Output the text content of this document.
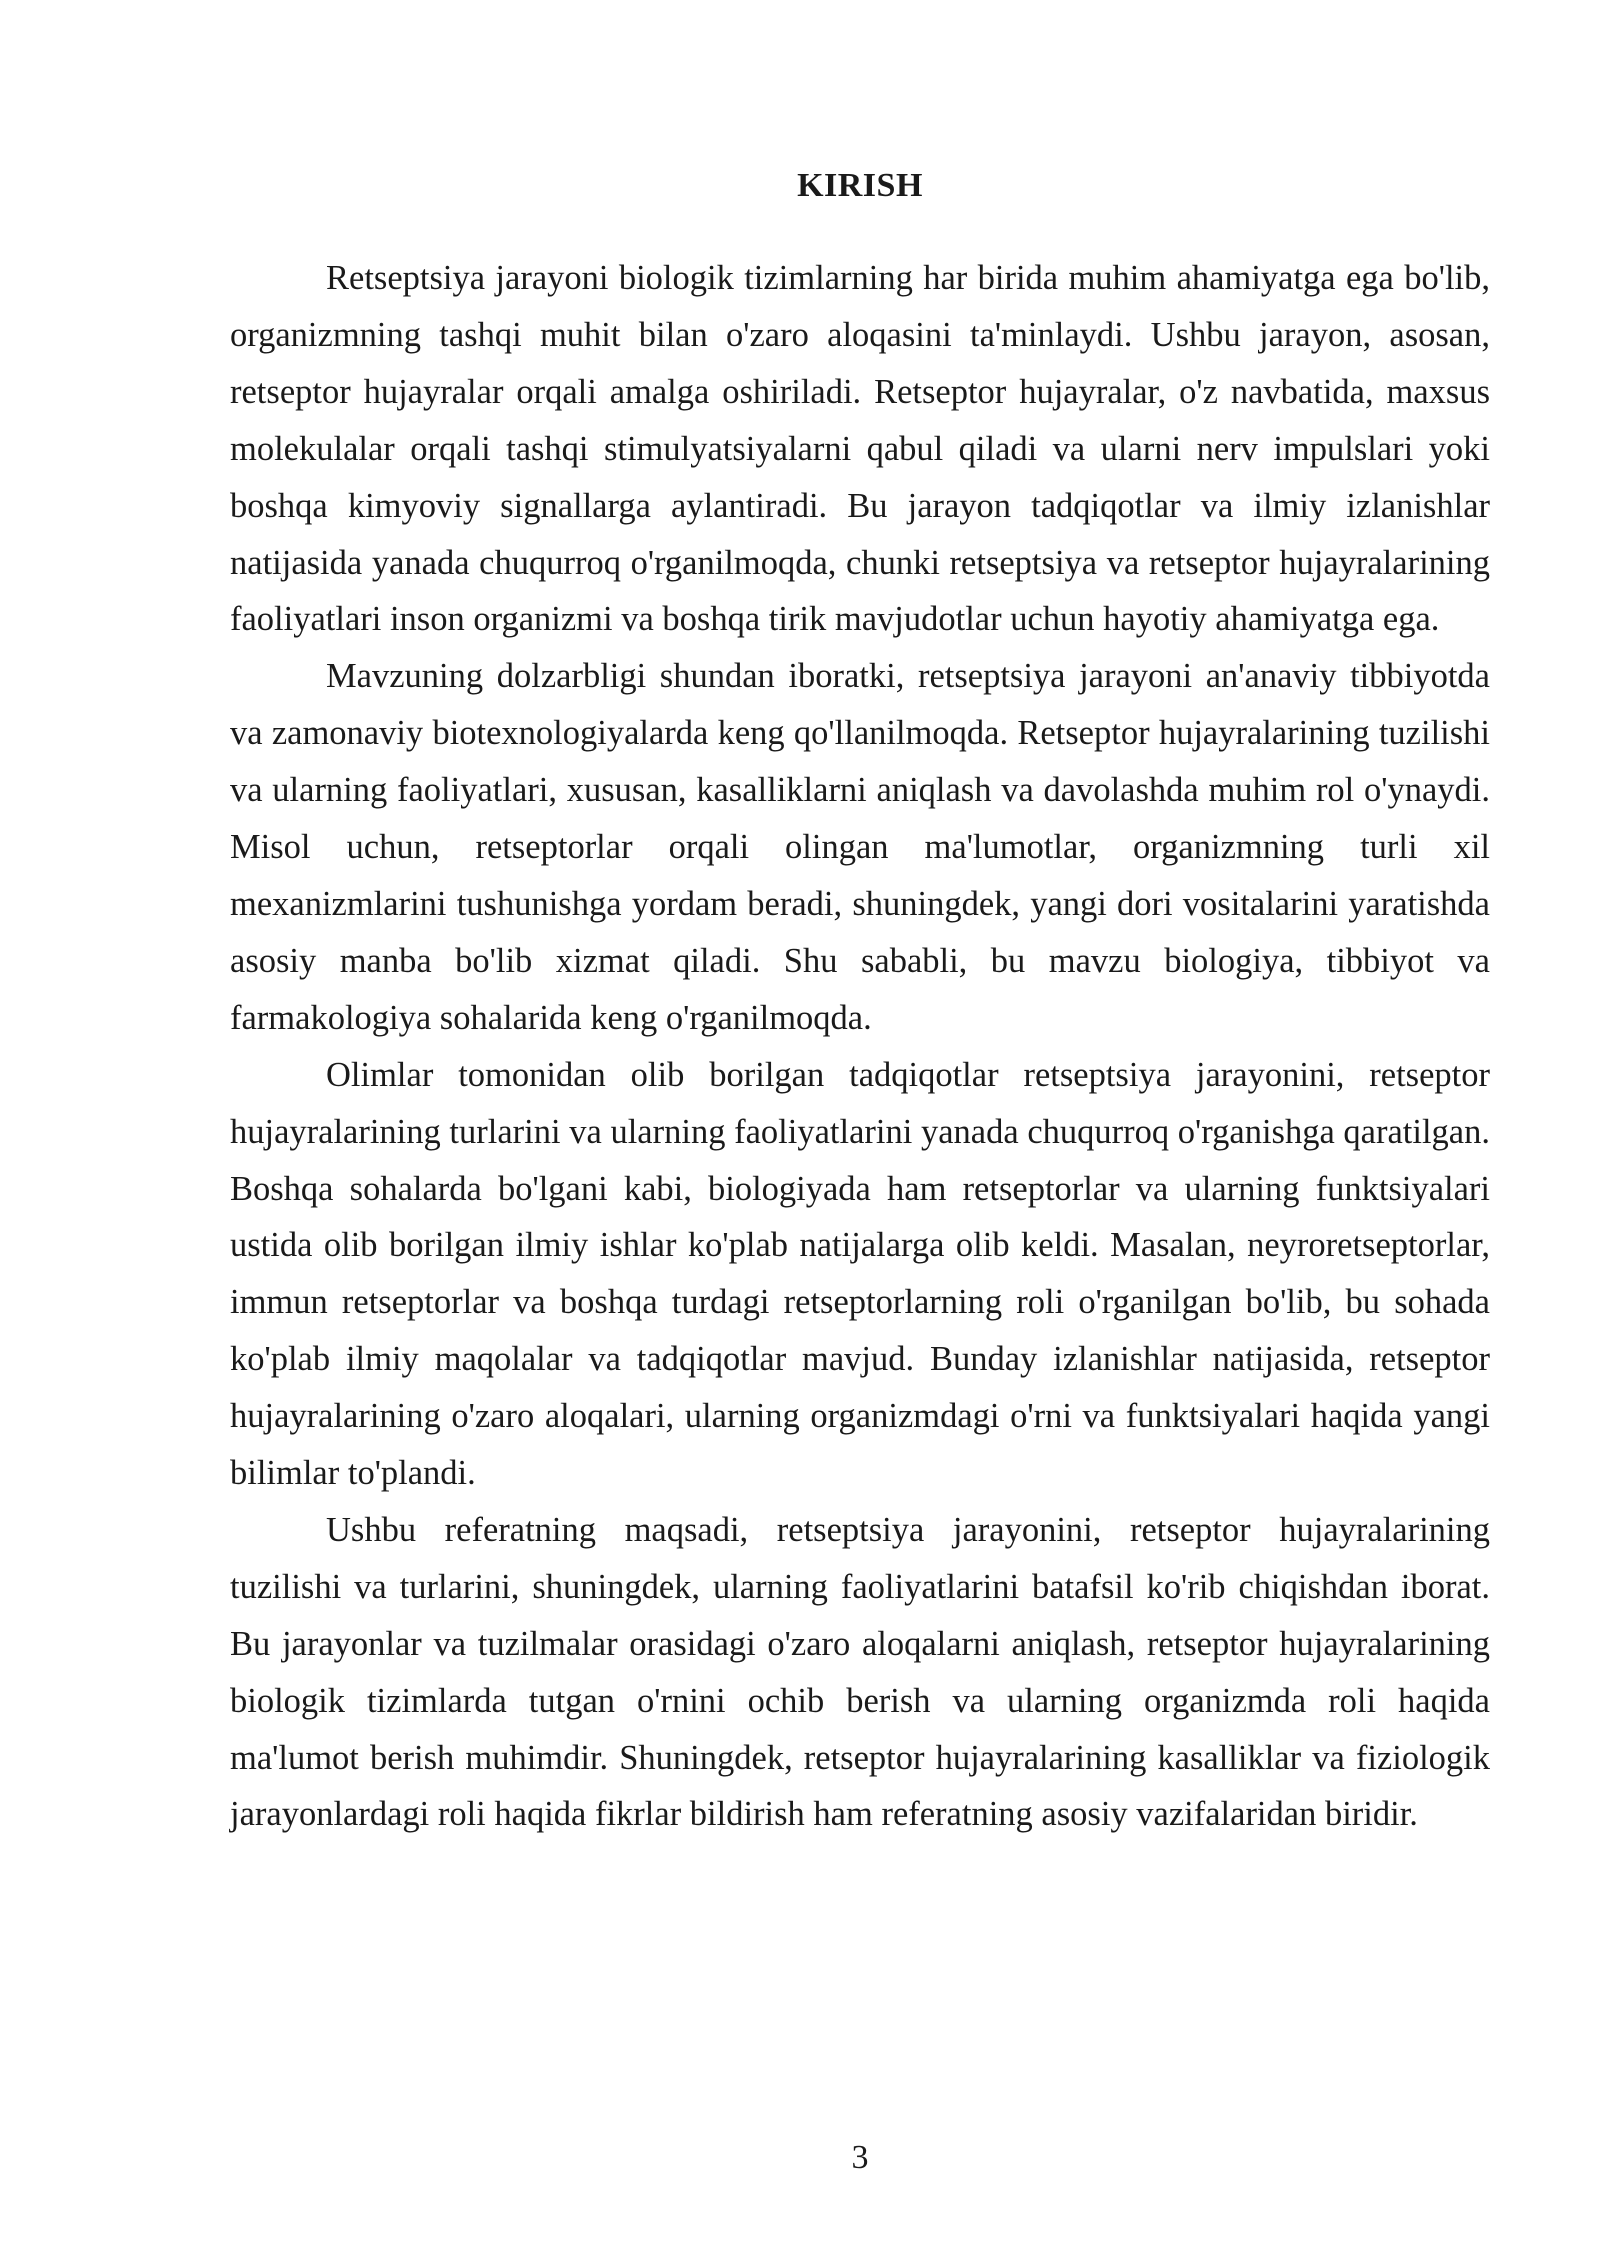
KIRISH

Retseptsiya jarayoni biologik tizimlarning har birida muhim ahamiyatga ega bo'lib, organizmning tashqi muhit bilan o'zaro aloqasini ta'minlaydi. Ushbu jarayon, asosan, retseptor hujayralar orqali amalga oshiriladi. Retseptor hujayralar, o'z navbatida, maxsus molekulalar orqali tashqi stimulyatsiyalarni qabul qiladi va ularni nerv impulslari yoki boshqa kimyoviy signallarga aylantiradi. Bu jarayon tadqiqotlar va ilmiy izlanishlar natijasida yanada chuqurroq o'rganilmoqda, chunki retseptsiya va retseptor hujayralarining faoliyatlari inson organizmi va boshqa tirik mavjudotlar uchun hayotiy ahamiyatga ega.

Mavzuning dolzarbligi shundan iboratki, retseptsiya jarayoni an'anaviy tibbiyotda va zamonaviy biotexnologiyalarda keng qo'llanilmoqda. Retseptor hujayralarining tuzilishi va ularning faoliyatlari, xususan, kasalliklarni aniqlash va davolashda muhim rol o'ynaydi. Misol uchun, retseptorlar orqali olingan ma'lumotlar, organizmning turli xil mexanizmlarini tushunishga yordam beradi, shuningdek, yangi dori vositalarini yaratishda asosiy manba bo'lib xizmat qiladi. Shu sababli, bu mavzu biologiya, tibbiyot va farmakologiya sohalarida keng o'rganilmoqda.

Olimlar tomonidan olib borilgan tadqiqotlar retseptsiya jarayonini, retseptor hujayralarining turlarini va ularning faoliyatlarini yanada chuqurroq o'rganishga qaratilgan. Boshqa sohalarda bo'lgani kabi, biologiyada ham retseptorlar va ularning funktsiyalari ustida olib borilgan ilmiy ishlar ko'plab natijalarga olib keldi. Masalan, neyroretseptorlar, immun retseptorlar va boshqa turdagi retseptorlarning roli o'rganilgan bo'lib, bu sohada ko'plab ilmiy maqolalar va tadqiqotlar mavjud. Bunday izlanishlar natijasida, retseptor hujayralarining o'zaro aloqalari, ularning organizmdagi o'rni va funktsiyalari haqida yangi bilimlar to'plandi.

Ushbu referatning maqsadi, retseptsiya jarayonini, retseptor hujayralarining tuzilishi va turlarini, shuningdek, ularning faoliyatlarini batafsil ko'rib chiqishdan iborat. Bu jarayonlar va tuzilmalar orasidagi o'zaro aloqalarni aniqlash, retseptor hujayralarining biologik tizimlarda tutgan o'rnini ochib berish va ularning organizmda roli haqida ma'lumot berish muhimdir. Shuningdek, retseptor hujayralarining kasalliklar va fiziologik jarayonlardagi roli haqida fikrlar bildirish ham referatning asosiy vazifalaridan biridir.

3
